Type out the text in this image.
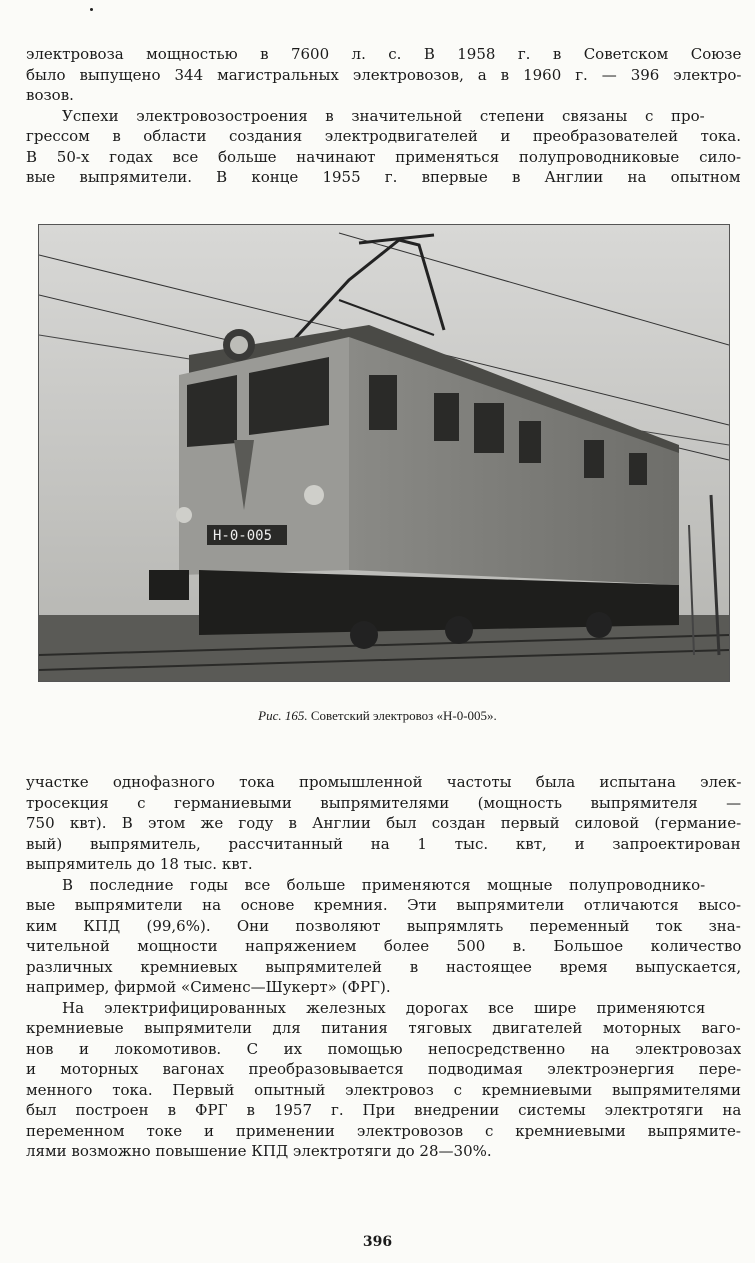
электровоза мощностью в 7600 л. с. В 1958 г. в Советском Союзе
было выпущено 344 магистральных электровозов, а в 1960 г. — 396 электро-
возов.
Успехи электровозостроения в значительной степени связаны с про-
грессом в области создания электродвигателей и преобразователей тока.
В 50-х годах все больше начинают применяться полупроводниковые сило-
вые выпрямители. В конце 1955 г. впервые в Англии на опытном
Н-0-005
Рис. 165. Советский электровоз «Н-0-005».
участке однофазного тока промышленной частоты была испытана элек-
тросекция с германиевыми выпрямителями (мощность выпрямителя —
750 квт). В этом же году в Англии был создан первый силовой (германие-
вый) выпрямитель, рассчитанный на 1 тыс. квт, и запроектирован
выпрямитель до 18 тыс. квт.
В последние годы все больше применяются мощные полупроводнико-
вые выпрямители на основе кремния. Эти выпрямители отличаются высо-
ким КПД (99,6%). Они позволяют выпрямлять переменный ток зна-
чительной мощности напряжением более 500 в. Большое количество
различных кремниевых выпрямителей в настоящее время выпускается,
например, фирмой «Сименс—Шукерт» (ФРГ).
На электрифицированных железных дорогах все шире применяются
кремниевые выпрямители для питания тяговых двигателей моторных ваго-
нов и локомотивов. С их помощью непосредственно на электровозах
и моторных вагонах преобразовывается подводимая электроэнергия пере-
менного тока. Первый опытный электровоз с кремниевыми выпрямителями
был построен в ФРГ в 1957 г. При внедрении системы электротяги на
переменном токе и применении электровозов с кремниевыми выпрямите-
лями возможно повышение КПД электротяги до 28—30%.
396
